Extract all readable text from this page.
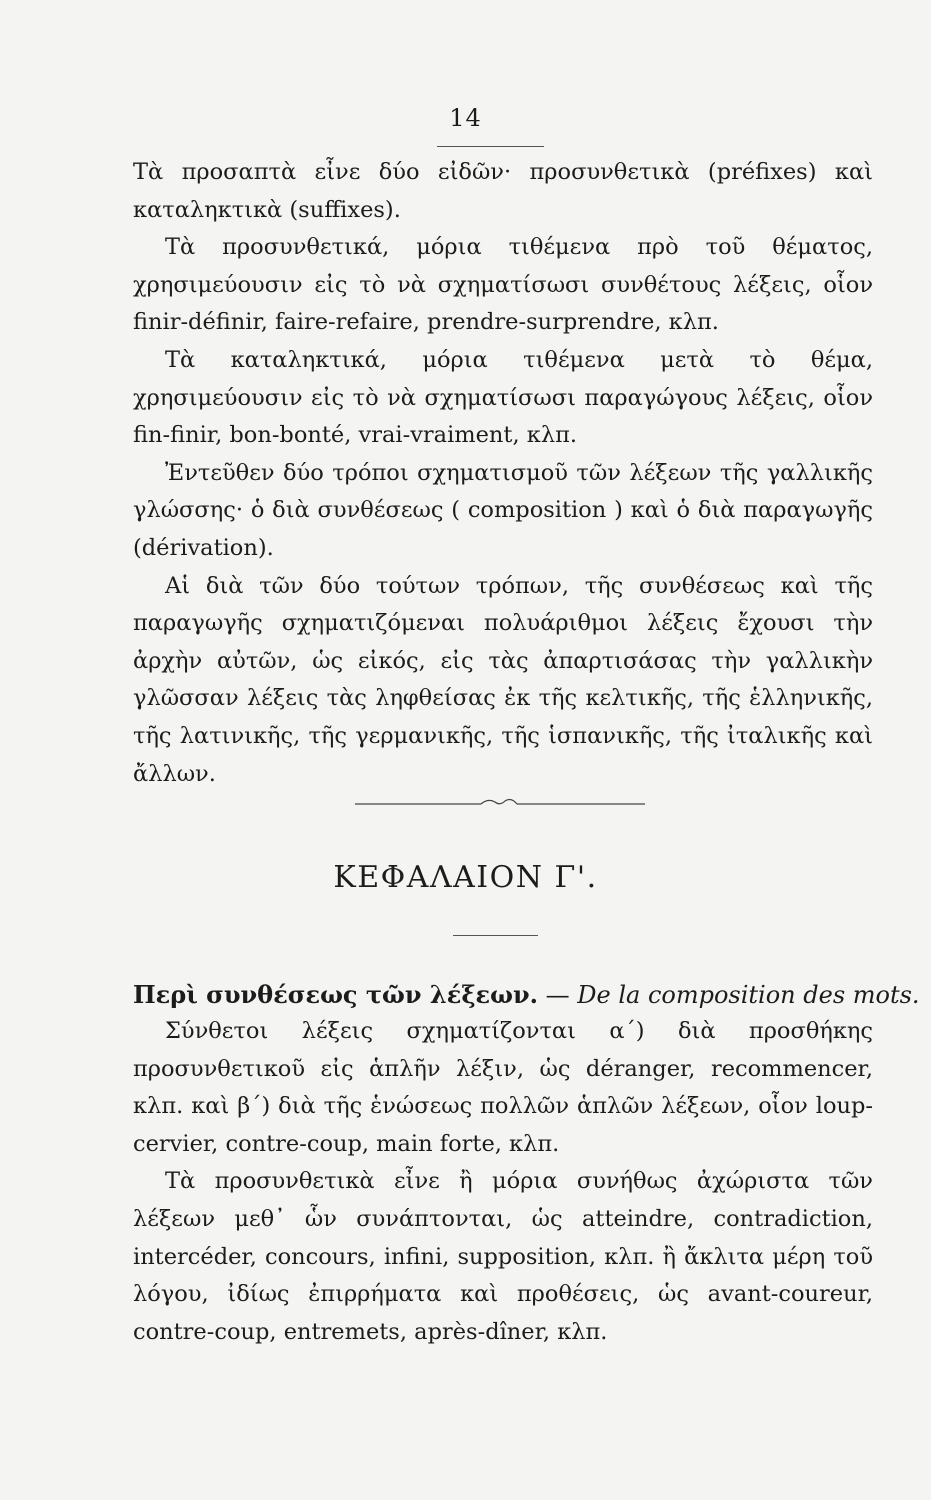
14

Τὰ προσαπτὰ εἶνε δύο εἰδῶν· προσυνθετικὰ (préfixes) καὶ καταληκτικὰ (suffixes).

Τὰ προσυνθετικά, μόρια τιθέμενα πρὸ τοῦ θέματος, χρησιμεύουσιν εἰς τὸ νὰ σχηματίσωσι συνθέτους λέξεις, οἷον finir-définir, faire-refaire, prendre-surprendre, κλπ.

Τὰ καταληκτικά, μόρια τιθέμενα μετὰ τὸ θέμα, χρησιμεύουσιν εἰς τὸ νὰ σχηματίσωσι παραγώγους λέξεις, οἷον fin-finir, bon-bonté, vrai-vraiment, κλπ.

Ἐντεῦθεν δύο τρόποι σχηματισμοῦ τῶν λέξεων τῆς γαλλικῆς γλώσσης· ὁ διὰ συνθέσεως ( composition ) καὶ ὁ διὰ παραγωγῆς (dérivation).

Αἱ διὰ τῶν δύο τούτων τρόπων, τῆς συνθέσεως καὶ τῆς παραγωγῆς σχηματιζόμεναι πολυάριθμοι λέξεις ἔχουσι τὴν ἀρχὴν αὐτῶν, ὡς εἰκός, εἰς τὰς ἀπαρτισάσας τὴν γαλλικὴν γλῶσσαν λέξεις τὰς ληφθείσας ἐκ τῆς κελτικῆς, τῆς ἑλληνικῆς, τῆς λατινικῆς, τῆς γερμανικῆς, τῆς ἱσπανικῆς, τῆς ἰταλικῆς καὶ ἄλλων.

ΚΕΦΑΛΑΙΟΝ Γ'.
Περὶ συνθέσεως τῶν λέξεων. — De la composition des mots.

Σύνθετοι λέξεις σχηματίζονται α΄) διὰ προσθήκης προσυνθετικοῦ εἰς ἁπλῆν λέξιν, ὡς déranger, recommencer, κλπ. καὶ β΄) διὰ τῆς ἑνώσεως πολλῶν ἁπλῶν λέξεων, οἷον loup-cervier, contre-coup, main forte, κλπ.

Τὰ προσυνθετικὰ εἶνε ἢ μόρια συνήθως ἀχώριστα τῶν λέξεων μεθ᾿ ὧν συνάπτονται, ὡς atteindre, contradiction, intercéder, concours, infini, supposition, κλπ. ἢ ἄκλιτα μέρη τοῦ λόγου, ἰδίως ἐπιρρήματα καὶ προθέσεις, ὡς avant-coureur, contre-coup, entremets, après-dîner, κλπ.
